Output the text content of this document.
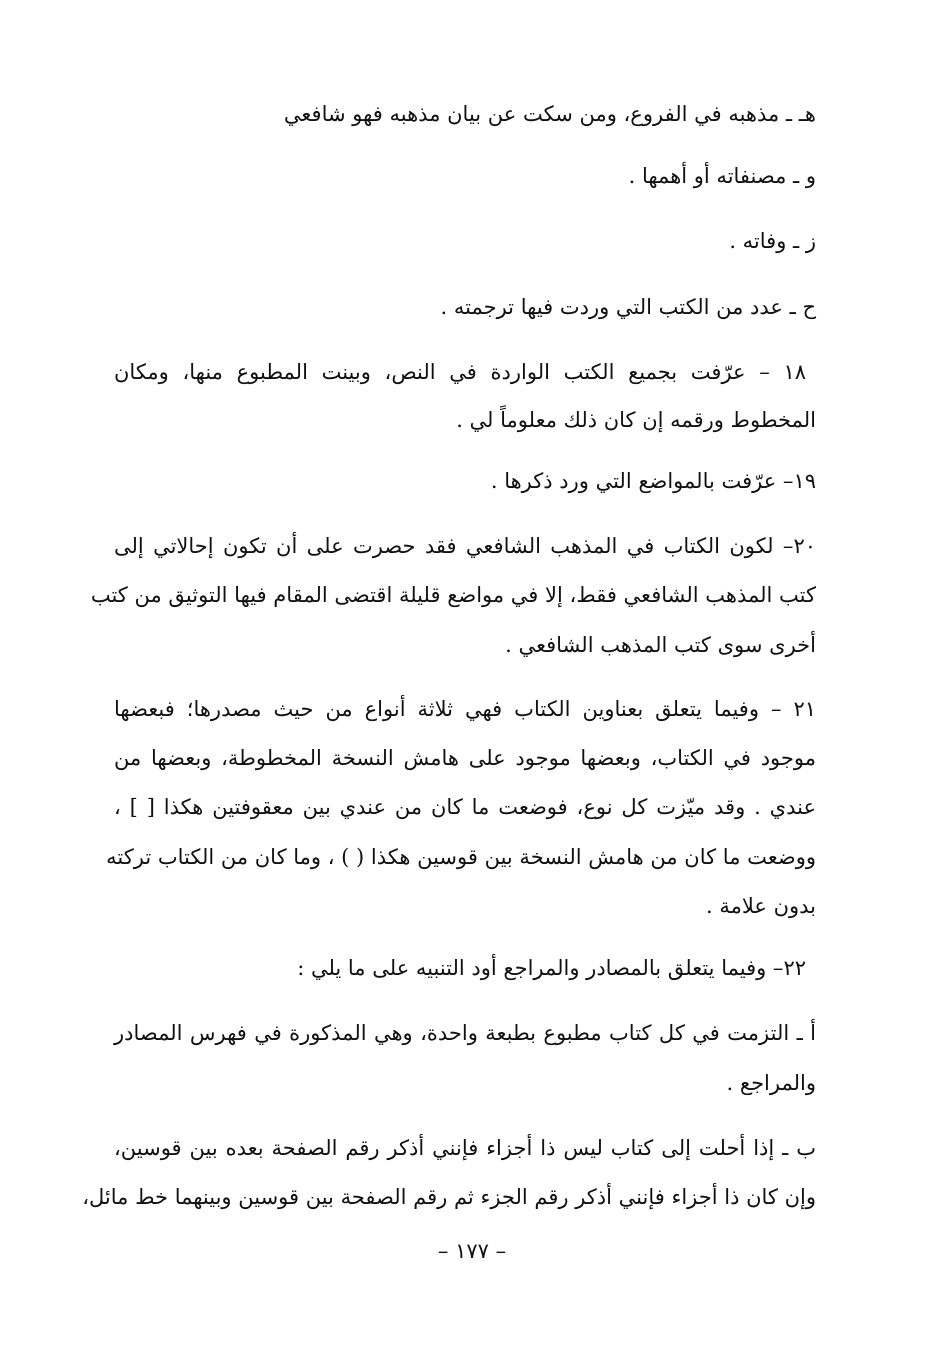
هـ ـ مذهبه في الفروع، ومن سكت عن بيان مذهبه فهو شافعي
و ـ مصنفاته أو أهمها .
ز ـ وفاته .
ح ـ عدد من الكتب التي وردت فيها ترجمته .
١٨ – عرّفت بجميع الكتب الواردة في النص، وبينت المطبوع منها، ومكان
المخطوط ورقمه إن كان ذلك معلوماً لي .
١٩– عرّفت بالمواضع التي ورد ذكرها .
٢٠– لكون الكتاب في المذهب الشافعي فقد حصرت على أن تكون إحالاتي إلى
كتب المذهب الشافعي فقط، إلا في مواضع قليلة اقتضى المقام فيها التوثيق من كتب
أخرى سوى كتب المذهب الشافعي .
٢١ – وفيما يتعلق بعناوين الكتاب فهي ثلاثة أنواع من حيث مصدرها؛ فبعضها
موجود في الكتاب، وبعضها موجود على هامش النسخة المخطوطة، وبعضها من
عندي . وقد ميّزت كل نوع، فوضعت ما كان من عندي بين معقوفتين هكذا [ ] ،
ووضعت ما كان من هامش النسخة بين قوسين هكذا ( ) ، وما كان من الكتاب تركته
بدون علامة .
٢٢– وفيما يتعلق بالمصادر والمراجع أود التنبيه على ما يلي :
أ ـ التزمت في كل كتاب مطبوع بطبعة واحدة، وهي المذكورة في فهرس المصادر
والمراجع .
ب ـ إذا أحلت إلى كتاب ليس ذا أجزاء فإنني أذكر رقم الصفحة بعده بين قوسين،
وإن كان ذا أجزاء فإنني أذكر رقم الجزء ثم رقم الصفحة بين قوسين وبينهما خط مائل،
– ١٧٧ –
